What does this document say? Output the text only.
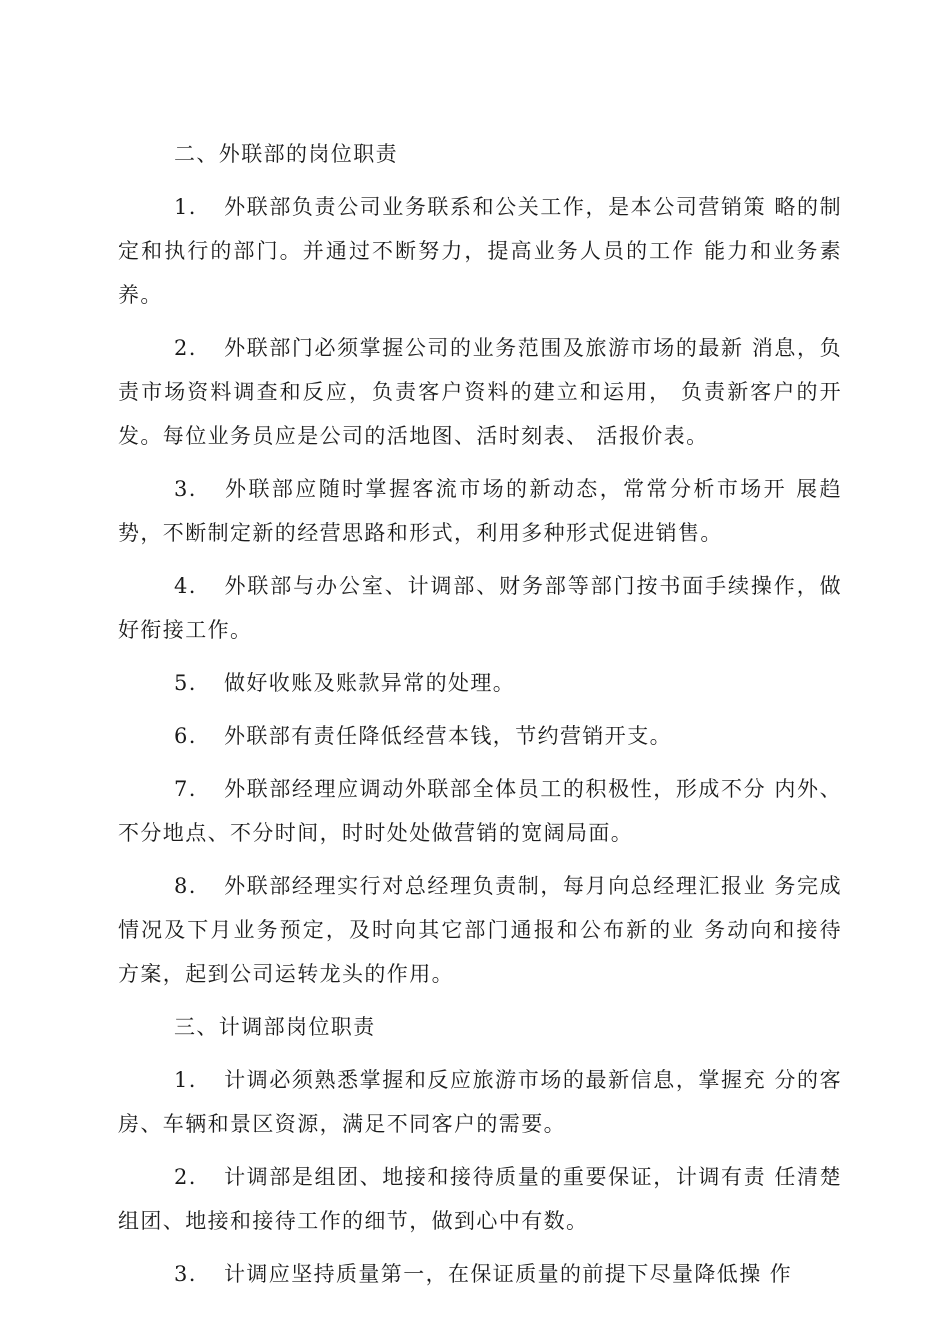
二、外联部的岗位职责

1. 外联部负责公司业务联系和公关工作，是本公司营销策 略的制定和执行的部门。并通过不断努力，提高业务人员的工作 能力和业务素养。

2. 外联部门必须掌握公司的业务范围及旅游市场的最新 消息，负责市场资料调查和反应，负责客户资料的建立和运用， 负责新客户的开发。每位业务员应是公司的活地图、活时刻表、 活报价表。

3. 外联部应随时掌握客流市场的新动态，常常分析市场开 展趋势，不断制定新的经营思路和形式，利用多种形式促进销售。

4. 外联部与办公室、计调部、财务部等部门按书面手续操作，做好衔接工作。

5. 做好收账及账款异常的处理。

6. 外联部有责任降低经营本钱，节约营销开支。

7. 外联部经理应调动外联部全体员工的积极性，形成不分 内外、不分地点、不分时间，时时处处做营销的宽阔局面。

8. 外联部经理实行对总经理负责制，每月向总经理汇报业 务完成情况及下月业务预定，及时向其它部门通报和公布新的业 务动向和接待方案，起到公司运转龙头的作用。

三、计调部岗位职责

1. 计调必须熟悉掌握和反应旅游市场的最新信息，掌握充 分的客房、车辆和景区资源，满足不同客户的需要。

2. 计调部是组团、地接和接待质量的重要保证，计调有责 任清楚组团、地接和接待工作的细节，做到心中有数。

3. 计调应坚持质量第一，在保证质量的前提下尽量降低操 作
